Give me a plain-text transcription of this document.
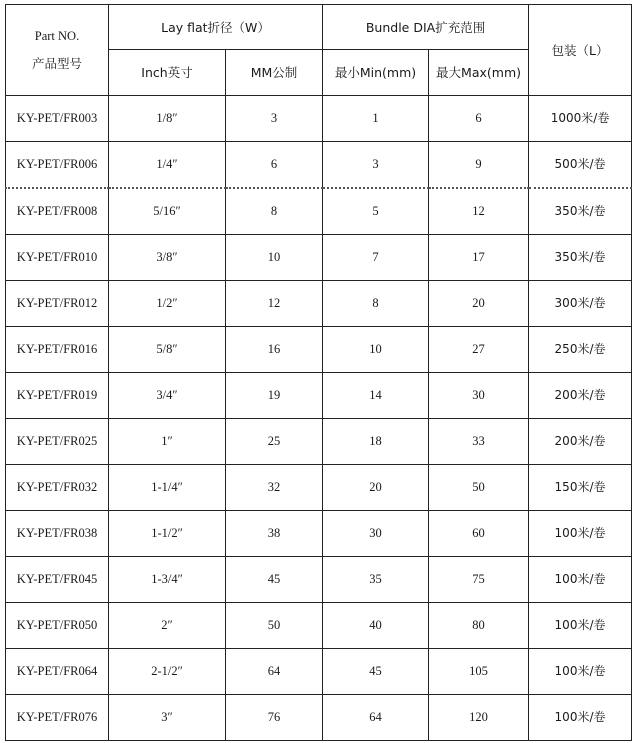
Part NO.
产品型号	Lay flat折径（W）		Bundle DIA扩充范围		包装（L）
	Inch英寸	MM公制	最小Min(mm)	最大Max(mm)	
KY-PET/FR003	1/8″	3	1	6	1000米/卷
KY-PET/FR006	1/4″	6	3	9	500米/卷
KY-PET/FR008	5/16″	8	5	12	350米/卷
KY-PET/FR010	3/8″	10	7	17	350米/卷
KY-PET/FR012	1/2″	12	8	20	300米/卷
KY-PET/FR016	5/8″	16	10	27	250米/卷
KY-PET/FR019	3/4″	19	14	30	200米/卷
KY-PET/FR025	1″	25	18	33	200米/卷
KY-PET/FR032	1-1/4″	32	20	50	150米/卷
KY-PET/FR038	1-1/2″	38	30	60	100米/卷
KY-PET/FR045	1-3/4″	45	35	75	100米/卷
KY-PET/FR050	2″	50	40	80	100米/卷
KY-PET/FR064	2-1/2″	64	45	105	100米/卷
KY-PET/FR076	3″	76	64	120	100米/卷
